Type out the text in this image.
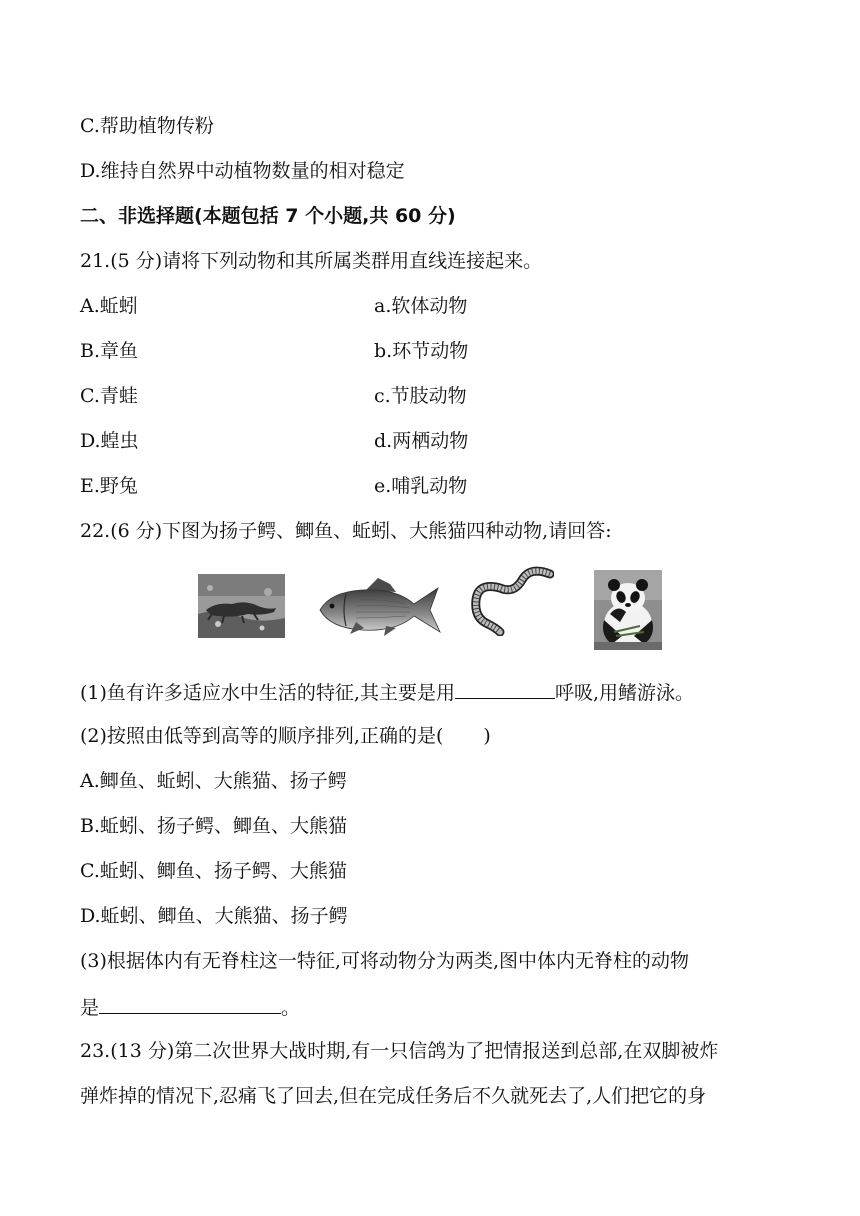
C.帮助植物传粉
D.维持自然界中动植物数量的相对稳定
二、非选择题(本题包括 7 个小题,共 60 分)
21.(5 分)请将下列动物和其所属类群用直线连接起来。
A.蚯蚓	a.软体动物
B.章鱼	b.环节动物
C.青蛙	c.节肢动物
D.蝗虫	d.两栖动物
E.野兔	e.哺乳动物
22.(6 分)下图为扬子鳄、鲫鱼、蚯蚓、大熊猫四种动物,请回答:
(1)鱼有许多适应水中生活的特征,其主要是用	呼吸,用鳍游泳。
(2)按照由低等到高等的顺序排列,正确的是( )
A.鲫鱼、蚯蚓、大熊猫、扬子鳄
B.蚯蚓、扬子鳄、鲫鱼、大熊猫
C.蚯蚓、鲫鱼、扬子鳄、大熊猫
D.蚯蚓、鲫鱼、大熊猫、扬子鳄
(3)根据体内有无脊柱这一特征,可将动物分为两类,图中体内无脊柱的动物
是	。
23.(13 分)第二次世界大战时期,有一只信鸽为了把情报送到总部,在双脚被炸
弹炸掉的情况下,忍痛飞了回去,但在完成任务后不久就死去了,人们把它的身
